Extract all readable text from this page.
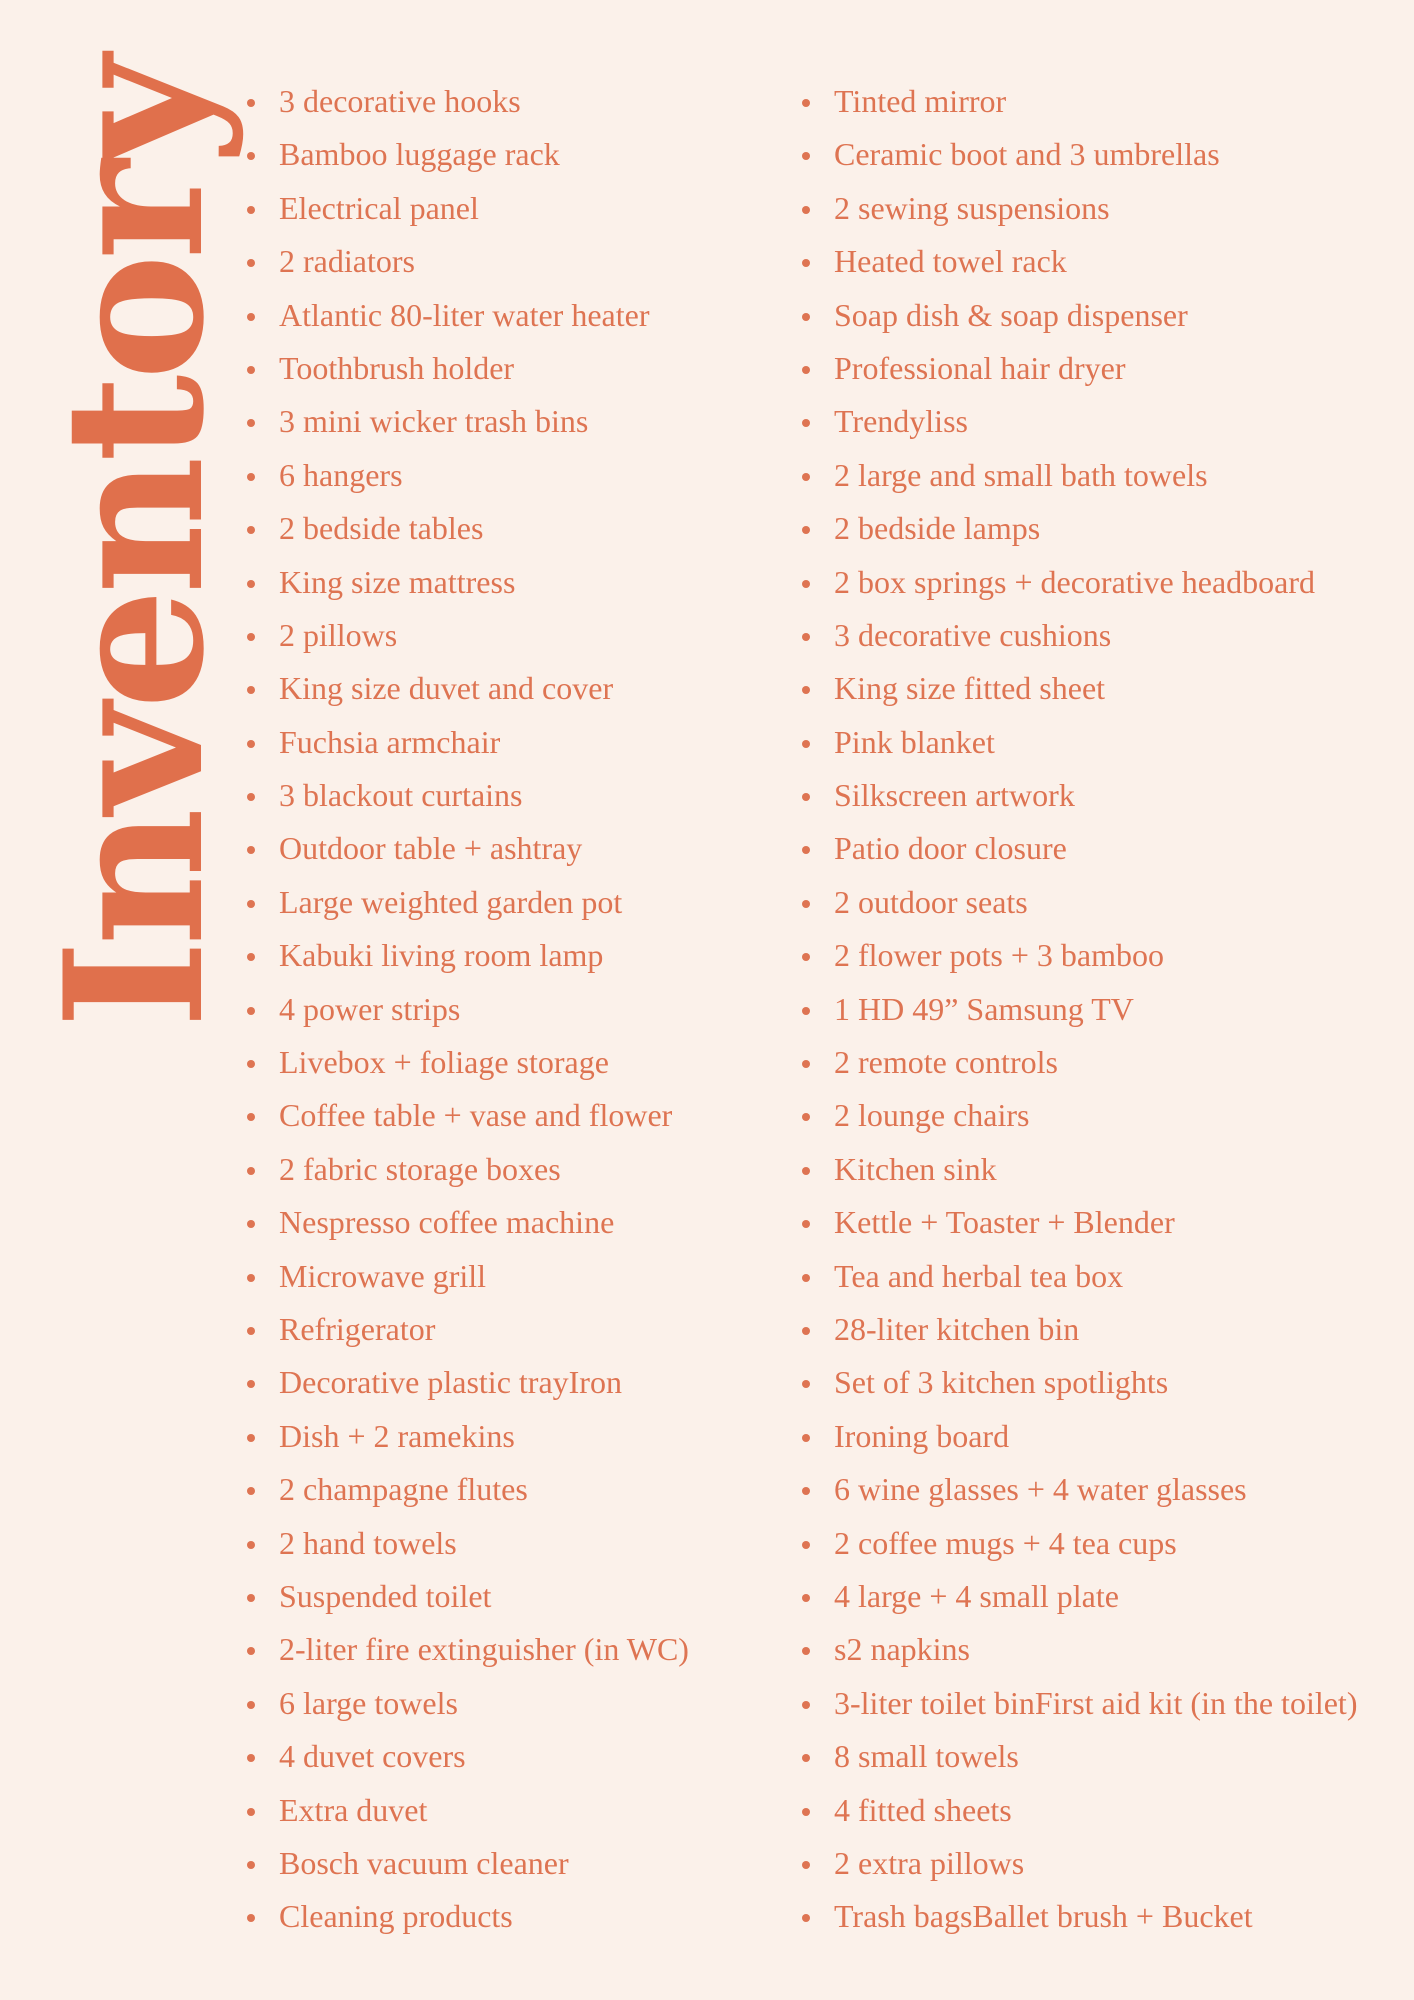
Inventory	3 decorative hooks
Bamboo luggage rack
Electrical panel
2 radiators
Atlantic 80-liter water heater
Toothbrush holder
3 mini wicker trash bins
6 hangers
2 bedside tables
King size mattress
2 pillows
King size duvet and cover
Fuchsia armchair
3 blackout curtains
Outdoor table + ashtray
Large weighted garden pot
Kabuki living room lamp
4 power strips
Livebox + foliage storage
Coffee table + vase and flower
2 fabric storage boxes
Nespresso coffee machine
Microwave grill
Refrigerator
Decorative plastic trayIron
Dish + 2 ramekins
2 champagne flutes
2 hand towels
Suspended toilet
2-liter fire extinguisher (in WC)
6 large towels
4 duvet covers
Extra duvet
Bosch vacuum cleaner
Cleaning products
Tinted mirror
Ceramic boot and 3 umbrellas
2 sewing suspensions
Heated towel rack
Soap dish & soap dispenser
Professional hair dryer
Trendyliss
2 large and small bath towels
2 bedside lamps
2 box springs + decorative headboard
3 decorative cushions
King size fitted sheet
Pink blanket
Silkscreen artwork
Patio door closure
2 outdoor seats
2 flower pots + 3 bamboo
1 HD 49” Samsung TV
2 remote controls
2 lounge chairs
Kitchen sink
Kettle + Toaster + Blender
Tea and herbal tea box
28-liter kitchen bin
Set of 3 kitchen spotlights
Ironing board
6 wine glasses + 4 water glasses
2 coffee mugs + 4 tea cups
4 large + 4 small plate
s2 napkins
3-liter toilet binFirst aid kit (in the toilet)
8 small towels
4 fitted sheets
2 extra pillows
Trash bagsBallet brush + Bucket
